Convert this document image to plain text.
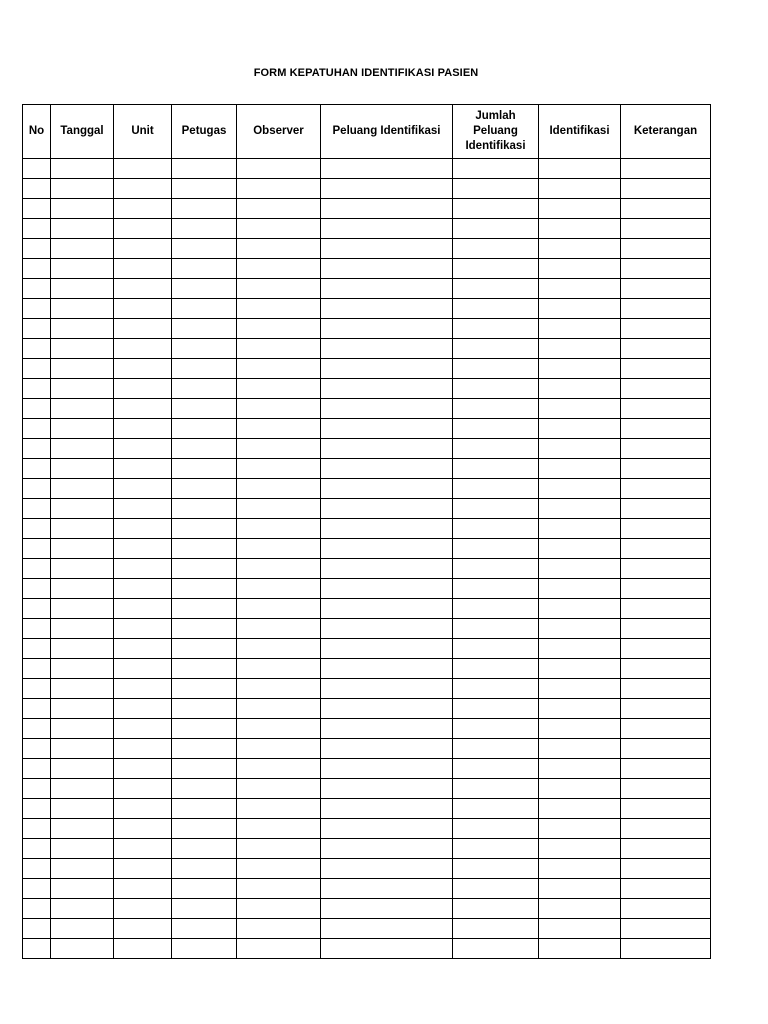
FORM KEPATUHAN IDENTIFIKASI PASIEN
No	Tanggal	Unit	Petugas	Observer	Peluang Identifikasi	Jumlah Peluang Identifikasi	Identifikasi	Keterangan
